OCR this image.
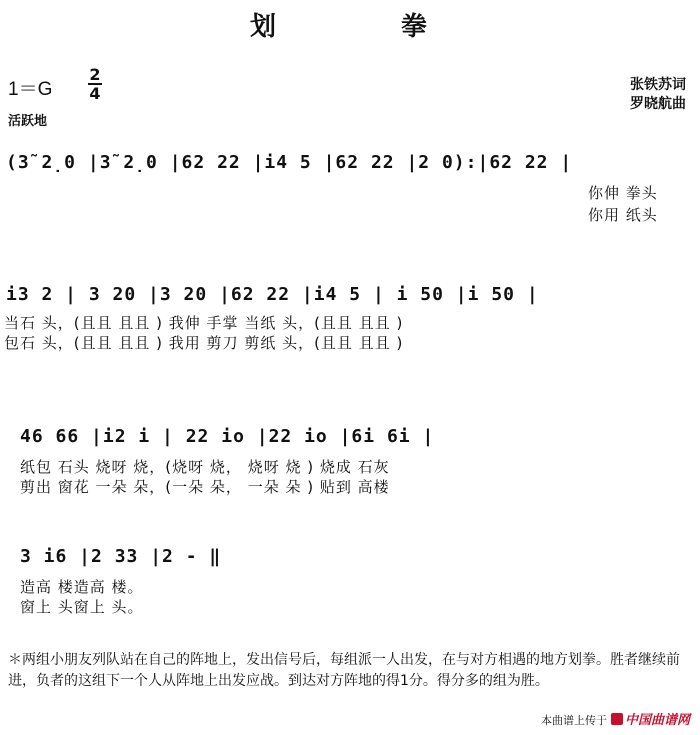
划 拳
1＝G
2
4
活跃地
张铁苏词
罗晓航曲
(3̃ 2̣0 |3̃ 2̣0 |62 22 |i4 5 |62 22 |2 0):|62 22 |
你伸 拳头
你用 纸头
i3 2 | 3 20 |3 20 |62 22 |i4 5 | i 50 |i 50 |
当石 头，(且且 且且 ) 我伸 手掌 当纸 头，(且且 且且 )
包石 头，(且且 且且 ) 我用 剪刀 剪纸 头，(且且 且且 )
46 66 |i2 i | 22 io |22 io |6i 6i |
纸包 石头 烧呀 烧，(烧呀 烧， 烧呀 烧 ) 烧成 石灰
剪出 窗花 一朵 朵，(一朵 朵， 一朵 朵 ) 贴到 高楼
3 i6 |2 33 |2 - ‖
造高 楼造高 楼。
窗上 头窗上 头。
＊两组小朋友列队站在自己的阵地上，发出信号后，每组派一人出发，在与对方相遇的地方划拳。胜者继续前进，负者的这组下一个人从阵地上出发应战。到达对方阵地的得1分。得分多的组为胜。
本曲谱上传于 中国曲谱网
